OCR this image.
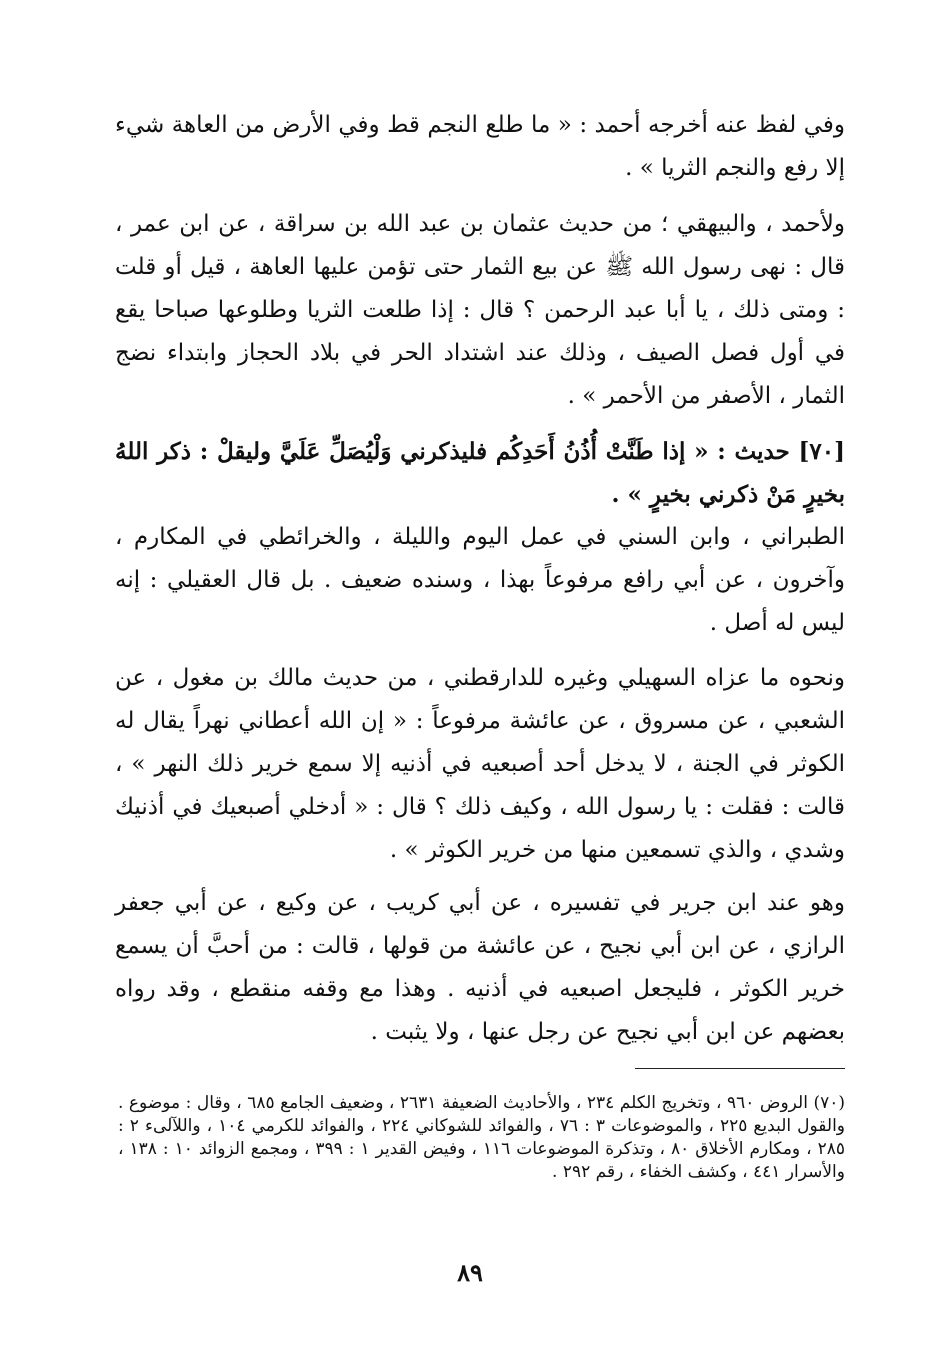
وفي لفظ عنه أخرجه أحمد : « ما طلع النجم قط وفي الأرض من العاهة شيء إلا رفع والنجم الثريا » .

ولأحمد ، والبيهقي ؛ من حديث عثمان بن عبد الله بن سراقة ، عن ابن عمر ، قال : نهى رسول الله ﷺ عن بيع الثمار حتى تؤمن عليها العاهة ، قيل أو قلت : ومتى ذلك ، يا أبا عبد الرحمن ؟ قال : إذا طلعت الثريا وطلوعها صباحا يقع في أول فصل الصيف ، وذلك عند اشتداد الحر في بلاد الحجاز وابتداء نضج الثمار ، الأصفر من الأحمر » .

[٧٠] حديث : « إذا طَنَّتْ أُذُنُ أَحَدِكُم فليذكرني وَلْيُصَلِّ عَلَيَّ وليقلْ : ذكر اللهُ بخيرٍ مَنْ ذكرني بخيرٍ » .

الطبراني ، وابن السني في عمل اليوم والليلة ، والخرائطي في المكارم ، وآخرون ، عن أبي رافع مرفوعاً بهذا ، وسنده ضعيف . بل قال العقيلي : إنه ليس له أصل .

ونحوه ما عزاه السهيلي وغيره للدارقطني ، من حديث مالك بن مغول ، عن الشعبي ، عن مسروق ، عن عائشة مرفوعاً : « إن الله أعطاني نهراً يقال له الكوثر في الجنة ، لا يدخل أحد أصبعيه في أذنيه إلا سمع خرير ذلك النهر » ، قالت : فقلت : يا رسول الله ، وكيف ذلك ؟ قال : « أدخلي أصبعيك في أذنيك وشدي ، والذي تسمعين منها من خرير الكوثر » .

وهو عند ابن جرير في تفسيره ، عن أبي كريب ، عن وكيع ، عن أبي جعفر الرازي ، عن ابن أبي نجيح ، عن عائشة من قولها ، قالت : من أحبَّ أن يسمع خرير الكوثر ، فليجعل اصبعيه في أذنيه . وهذا مع وقفه منقطع ، وقد رواه بعضهم عن ابن أبي نجيح عن رجل عنها ، ولا يثبت .

(٧٠) الروض ٩٦٠ ، وتخريج الكلم ٢٣٤ ، والأحاديث الضعيفة ٢٦٣١ ، وضعيف الجامع ٦٨٥ ، وقال : موضوع . والقول البديع ٢٢٥ ، والموضوعات ٣ : ٧٦ ، والفوائد للشوكاني ٢٢٤ ، والفوائد للكرمي ١٠٤ ، واللآلىء ٢ : ٢٨٥ ، ومكارم الأخلاق ٨٠ ، وتذكرة الموضوعات ١١٦ ، وفيض القدير ١ : ٣٩٩ ، ومجمع الزوائد ١٠ : ١٣٨ ، والأسرار ٤٤١ ، وكشف الخفاء ، رقم ٢٩٢ .

٨٩
